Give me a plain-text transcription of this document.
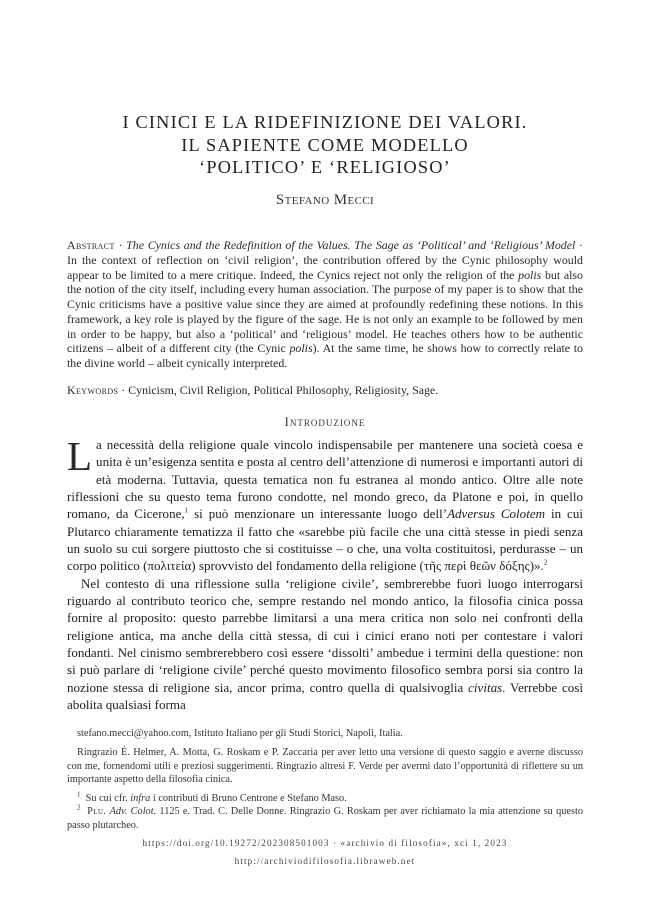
I CINICI E LA RIDEFINIZIONE DEI VALORI.
IL SAPIENTE COME MODELLO
‘POLITICO’ E ‘RELIGIOSO’
Stefano Mecci
Abstract · The Cynics and the Redefinition of the Values. The Sage as ‘Political’ and ‘Religious’ Model · In the context of reflection on ‘civil religion’, the contribution offered by the Cynic philosophy would appear to be limited to a mere critique. Indeed, the Cynics reject not only the religion of the polis but also the notion of the city itself, including every human association. The purpose of my paper is to show that the Cynic criticisms have a positive value since they are aimed at profoundly redefining these notions. In this framework, a key role is played by the figure of the sage. He is not only an example to be followed by men in order to be happy, but also a ‘political’ and ‘religious’ model. He teaches others how to be authentic citizens – albeit of a different city (the Cynic polis). At the same time, he shows how to correctly relate to the divine world – albeit cynically interpreted.
Keywords · Cynicism, Civil Religion, Political Philosophy, Religiosity, Sage.
Introduzione

La necessità della religione quale vincolo indispensabile per mantenere una società coesa e unita è un’esigenza sentita e posta al centro dell’attenzione di numerosi e importanti autori di età moderna. Tuttavia, questa tematica non fu estranea al mondo antico. Oltre alle note riflessioni che su questo tema furono condotte, nel mondo greco, da Platone e poi, in quello romano, da Cicerone,$^1$ si può menzionare un interessante luogo dell’Adversus Colotem in cui Plutarco chiaramente tematizza il fatto che «sarebbe più facile che una città stesse in piedi senza un suolo su cui sorgere piuttosto che si costituisse – o che, una volta costituitosi, perdurasse – un corpo politico (πολιτεία) sprovvisto del fondamento della religione (τῆς περὶ θεῶν δόξης)».$^2$

Nel contesto di una riflessione sulla ‘religione civile’, sembrerebbe fuori luogo interrogarsi riguardo al contributo teorico che, sempre restando nel mondo antico, la filosofia cinica possa fornire al proposito: questo parrebbe limitarsi a una mera critica non solo nei confronti della religione antica, ma anche della città stessa, di cui i cinici erano noti per contestare i valori fondanti. Nel cinismo sembrerebbero così essere ‘dissolti’ ambedue i termini della questione: non si può parlare di ‘religione civile’ perché questo movimento filosofico sembra porsi sia contro la nozione stessa di religione sia, ancor prima, contro quella di qualsivoglia civitas. Verrebbe così abolita qualsiasi forma

stefano.mecci@yahoo.com, Istituto Italiano per gli Studi Storici, Napoli, Italia.

Ringrazio É. Helmer, A. Motta, G. Roskam e P. Zaccaria per aver letto una versione di questo saggio e averne discusso con me, fornendomi utili e preziosi suggerimenti. Ringrazio altresì F. Verde per avermi dato l’opportunità di riflettere su un importante aspetto della filosofia cinica.

$^1$ Su cui cfr. infra i contributi di Bruno Centrone e Stefano Maso.

$^2$ Plu. Adv. Colot. 1125 e. Trad. C. Delle Donne. Ringrazio G. Roskam per aver richiamato la mia attenzione su questo passo plutarcheo.

https://doi.org/10.19272/202308501003 · «archivio di filosofia», xci 1, 2023
http://archiviodifilosofia.libraweb.net
